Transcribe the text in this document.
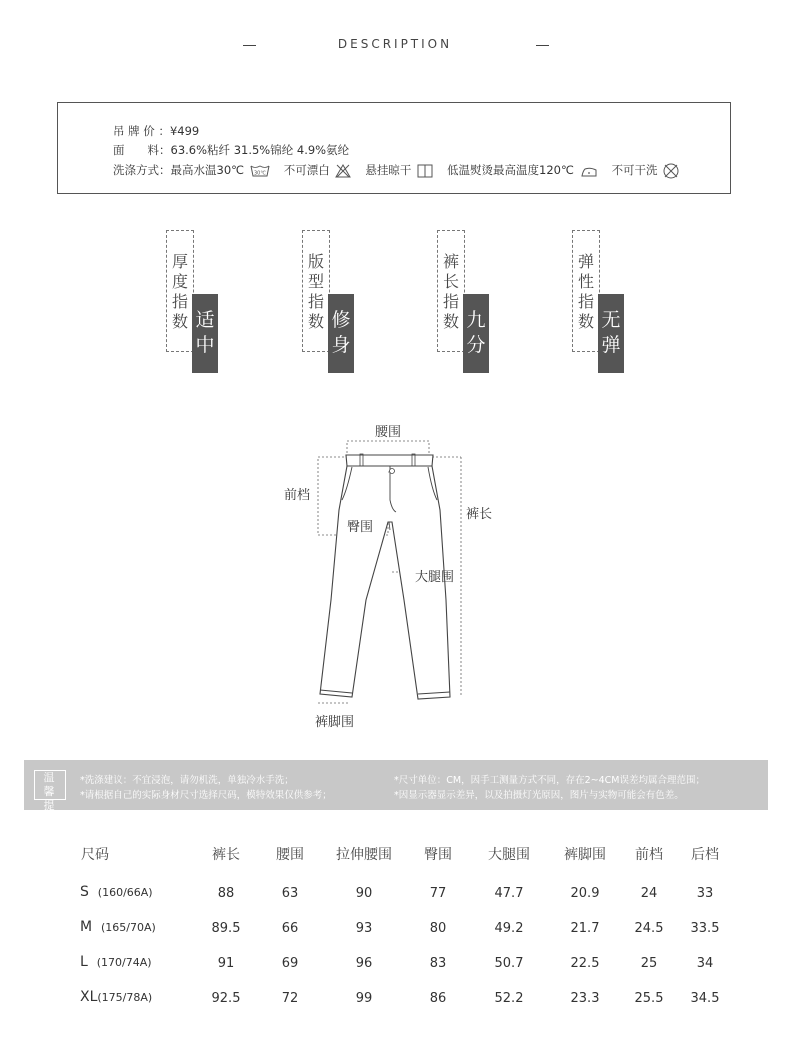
DESCRIPTION
吊 牌 价 ：¥499
面　　料：63.6%粘纤 31.5%锦纶 4.9%氨纶
洗涤方式：最高水温30℃ 30℃ 不可漂白	悬挂晾干	低温熨烫最高温度120℃	不可干洗
厚
度
指
数 适
中
版
型
指
数 修
身
裤
长
指
数 九
分
弹
性
指
数 无
弹
腰围
前档
臀围
裤长
大腿围
裤脚围
温 馨
提 示
*洗涤建议：不宜浸泡，请勿机洗，单独冷水手洗；
*请根据自己的实际身材尺寸选择尺码，模特效果仅供参考；
*尺寸单位：CM，因手工测量方式不同，存在2~4CM误差均属合理范围；
*因显示器显示差异，以及拍摄灯光原因，图片与实物可能会有色差。
尺码	裤长	腰围	拉伸腰围	臀围	大腿围	裤脚围	前档	后档
S (160/66A)	88	63	90	77	47.7	20.9	24	33
M (165/70A)	89.5	66	93	80	49.2	21.7	24.5	33.5
L (170/74A)	91	69	96	83	50.7	22.5	25	34
XL(175/78A)	92.5	72	99	86	52.2	23.3	25.5	34.5
